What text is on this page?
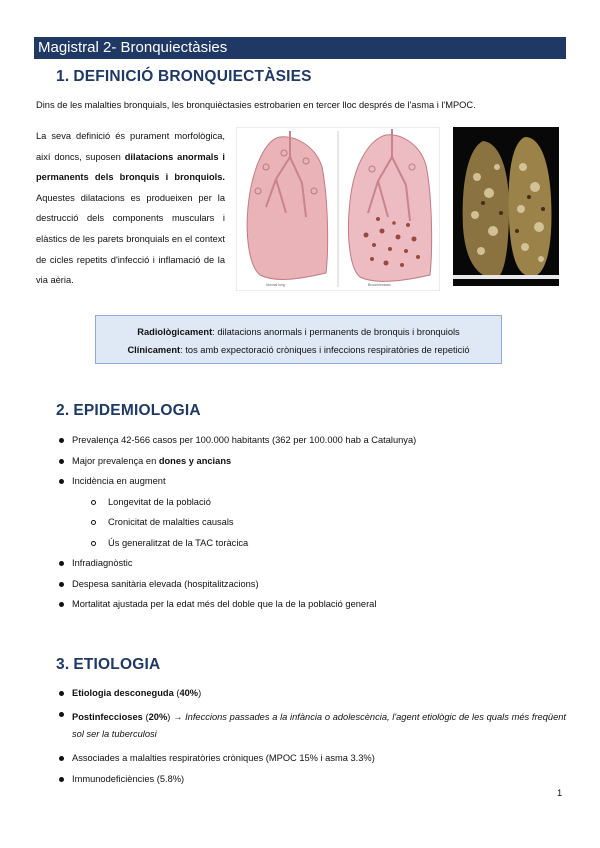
Magistral 2- Bronquiectàsies
1. DEFINICIÓ BRONQUIECTÀSIES
Dins de les malalties bronquials, les bronquièctasies estrobarien en tercer lloc després de l'asma i l'MPOC.
La seva definició és purament morfològica, així doncs, suposen dilatacions anormals i permanents dels bronquis i bronquiols. Aquestes dilatacions es produeixen per la destrucció dels components musculars i elàstics de les parets bronquials en el context de cicles repetits d'infecció i inflamació de la via aèria.	Normal lung	Bronchiectasis
Radiològicament: dilatacions anormals i permanents de bronquis i bronquiols
Clínicament: tos amb expectoració cròniques i infeccions respiratòries de repetició
2. EPIDEMIOLOGIA
Prevalença 42-566 casos per 100.000 habitants (362 per 100.000 hab a Catalunya)
Major prevalença en dones y ancians
Incidència en augment
Longevitat de la població
Cronicitat de malalties causals
Ús generalitzat de la TAC toràcica
Infradiagnòstic
Despesa sanitària elevada (hospitalitzacions)
Mortalitat ajustada per la edat més del doble que la de la població general
3. ETIOLOGIA
Etiologia desconeguda (40%)
Postinfeccioses (20%) → Infeccions passades a la infància o adolescència, l'agent etiològic de les quals més freqüent sol ser la tuberculosi
Associades a malalties respiratòries cròniques (MPOC 15% i asma 3.3%)
Immunodeficiències (5.8%)
1
